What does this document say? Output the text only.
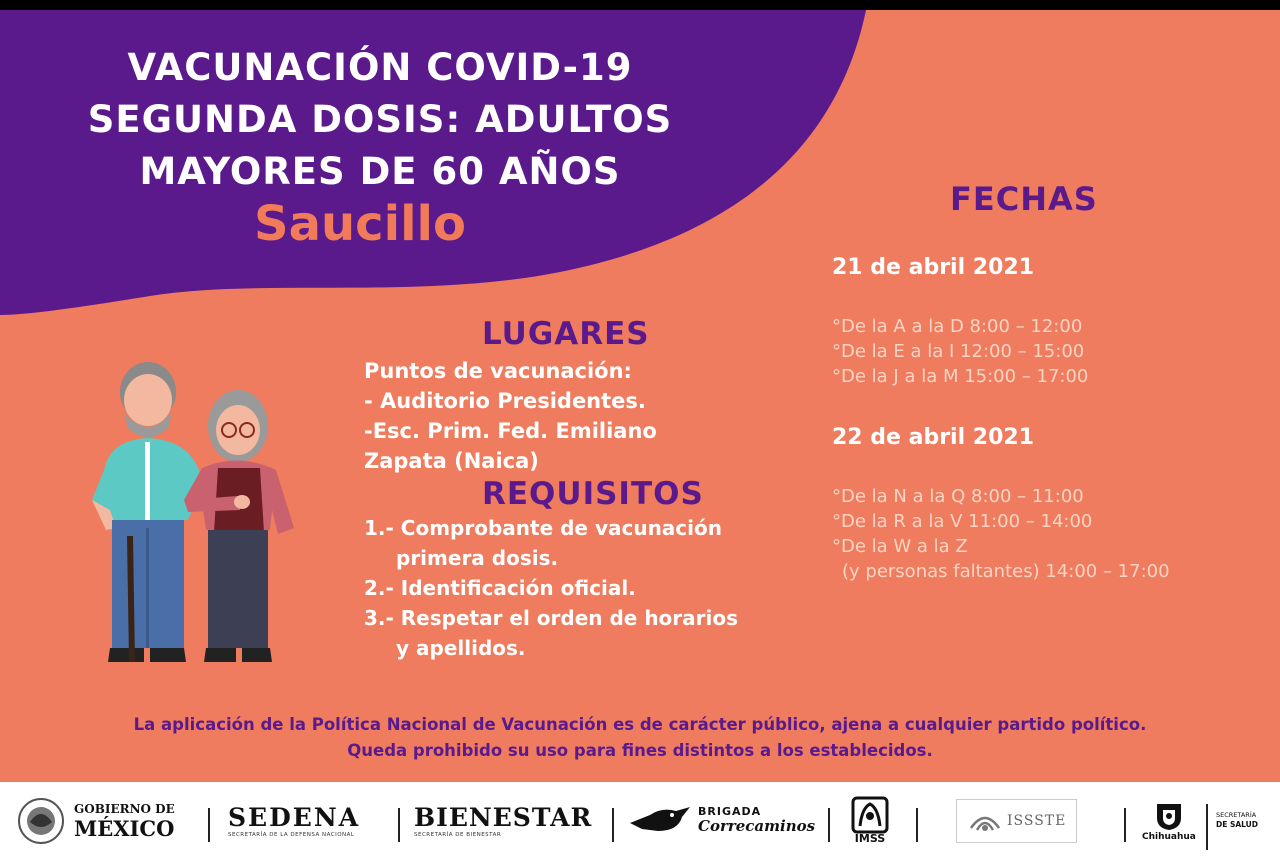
VACUNACIÓN COVID-19
SEGUNDA DOSIS: ADULTOS
MAYORES DE 60 AÑOS
Saucillo
LUGARES
Puntos de vacunación:
- Auditorio Presidentes.
-Esc. Prim. Fed. Emiliano
Zapata (Naica)
REQUISITOS
1.- Comprobante de vacunación
primera dosis.
2.- Identificación oficial.
3.- Respetar el orden de horarios
y apellidos.
FECHAS
21 de abril 2021
°De la A a la D 8:00 – 12:00
°De la E a la I 12:00 – 15:00
°De la J a la M 15:00 – 17:00
22 de abril 2021
°De la N a la Q 8:00 – 11:00
°De la R a la V 11:00 – 14:00
°De la W a la Z
(y personas faltantes) 14:00 – 17:00
La aplicación de la Política Nacional de Vacunación es de carácter público, ajena a cualquier partido político.
Queda prohibido su uso para fines distintos a los establecidos.
GOBIERNO DE
MÉXICO SEDENA
SECRETARÍA DE LA DEFENSA NACIONAL
BIENESTAR
SECRETARÍA DE BIENESTAR
BRIGADA
Correcaminos
IMSS
ISSSTE
Chihuahua
SECRETARÍA
DE SALUD
